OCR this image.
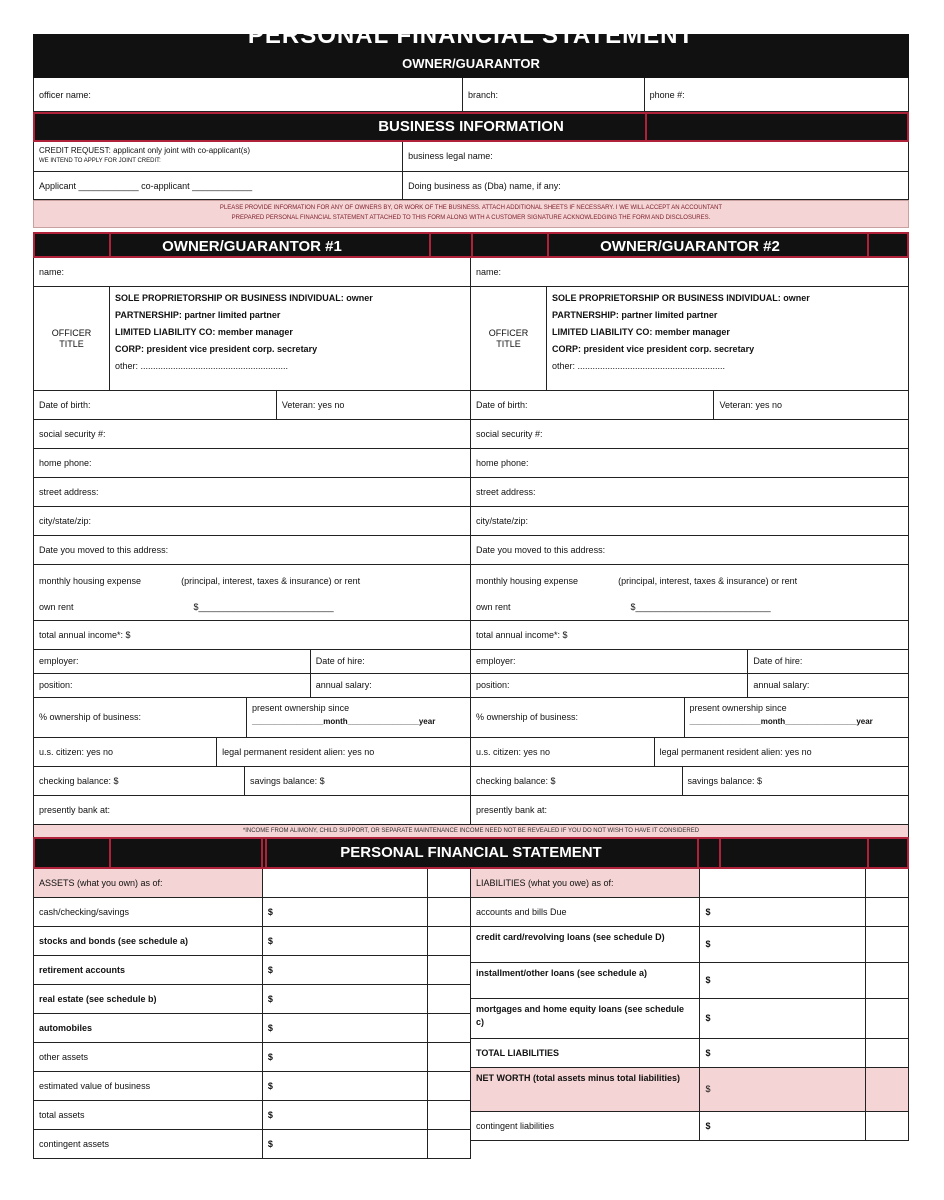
PERSONAL FINANCIAL STATEMENT
OWNER/GUARANTOR
officer name:	branch:	phone #:
BUSINESS INFORMATION
CREDIT REQUEST: applicant only joint with co-applicant(s)
WE INTEND TO APPLY FOR JOINT CREDIT:	business legal name:
Applicant ____________ co-applicant ____________	Doing business as (Dba) name, if any:
PLEASE PROVIDE INFORMATION FOR ANY OF OWNERS BY, OR WORK OF THE BUSINESS. ATTACH ADDITIONAL SHEETS IF NECESSARY. I WE WILL ACCEPT AN ACCOUNTANT
PREPARED PERSONAL FINANCIAL STATEMENT ATTACHED TO THIS FORM ALONG WITH A CUSTOMER SIGNATURE ACKNOWLEDGING THE FORM AND DISCLOSURES.
OWNER/GUARANTOR #1	OWNER/GUARANTOR #2
name:
OFFICER TITLE
SOLE PROPRIETORSHIP OR BUSINESS INDIVIDUAL: owner
PARTNERSHIP: partner limited partner
LIMITED LIABILITY CO: member manager
CORP: president vice president corp. secretary
other: ...........................................................
Date of birth:	Veteran: yes no
social security #:
home phone:
street address:
city/state/zip:
Date you moved to this address:
monthly housing expense	(principal, interest, taxes & insurance) or rent
own rent	$___________________________
total annual income*: $
employer:	Date of hire:
position:	annual salary:
% ownership of business:
present ownership since
________________month________________year
u.s. citizen: yes no	legal permanent resident alien: yes no
checking balance: $	savings balance: $
presently bank at:
name:
OFFICER TITLE
SOLE PROPRIETORSHIP OR BUSINESS INDIVIDUAL: owner
PARTNERSHIP: partner limited partner
LIMITED LIABILITY CO: member manager
CORP: president vice president corp. secretary
other: ...........................................................
Date of birth:	Veteran: yes no
social security #:
home phone:
street address:
city/state/zip:
Date you moved to this address:
monthly housing expense	(principal, interest, taxes & insurance) or rent
own rent	$___________________________
total annual income*: $
employer:	Date of hire:
position:	annual salary:
% ownership of business:
present ownership since
________________month________________year
u.s. citizen: yes no	legal permanent resident alien: yes no
checking balance: $	savings balance: $
presently bank at:
*INCOME FROM ALIMONY, CHILD SUPPORT, OR SEPARATE MAINTENANCE INCOME NEED NOT BE REVEALED IF YOU DO NOT WISH TO HAVE IT CONSIDERED
PERSONAL FINANCIAL STATEMENT
ASSETS (what you own) as of:
cash/checking/savings	$
stocks and bonds (see schedule a)	$
retirement accounts	$
real estate (see schedule b)	$
automobiles	$
other assets	$
estimated value of business	$
total assets	$
contingent assets	$
LIABILITIES (what you owe) as of:
accounts and bills Due	$
credit card/revolving loans (see schedule D)
$
installment/other loans (see schedule a)
$
mortgages and home equity loans (see schedule c)	$
TOTAL LIABILITIES	$
NET WORTH (total assets minus total liabilities)
$
contingent liabilities	$
